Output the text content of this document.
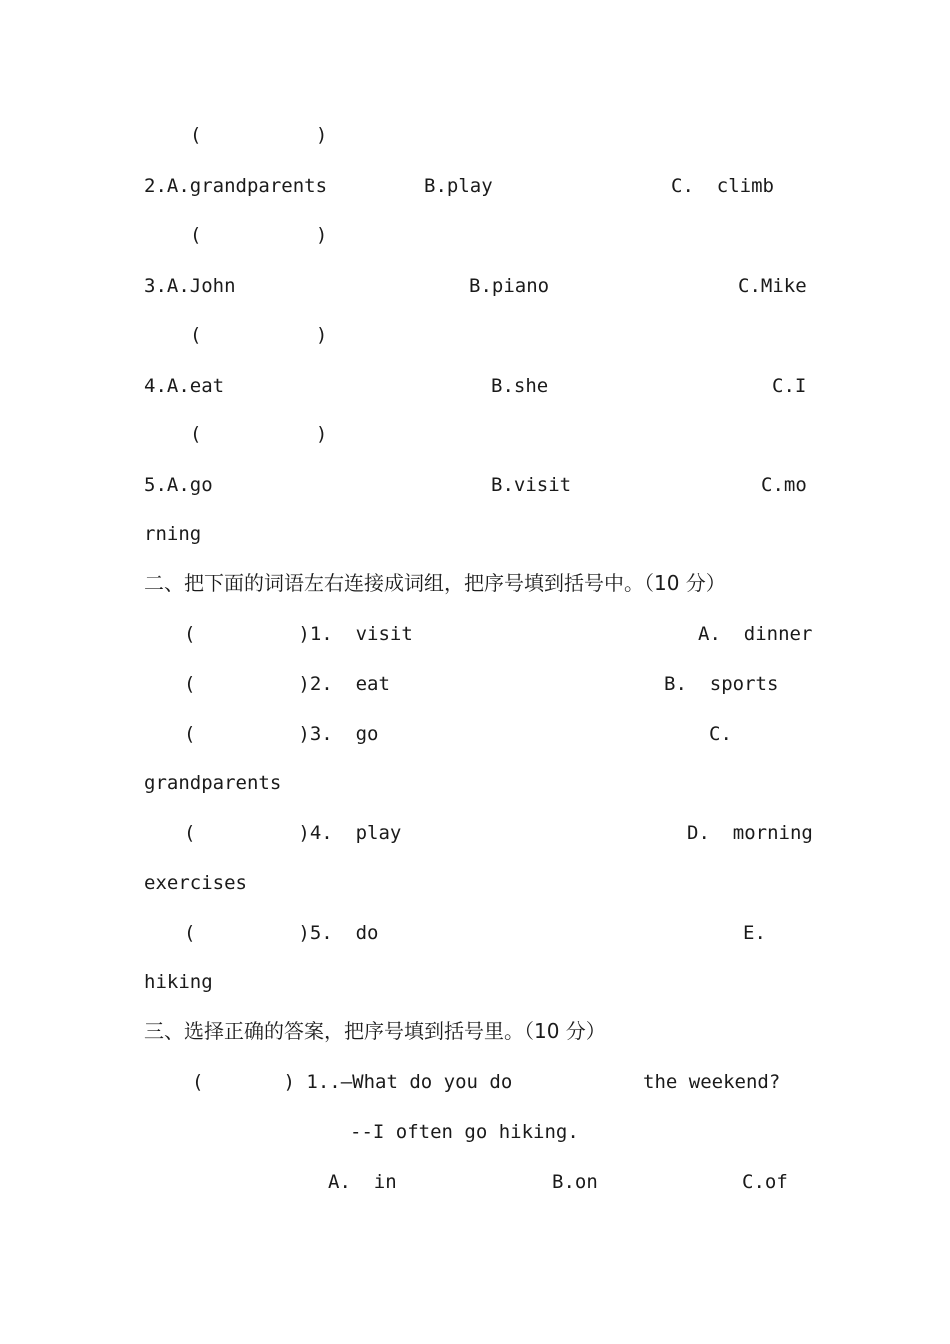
(          )
2.A.grandparents	B.play	C.  climb
(          )
3.A.John	B.piano	C.Mike
(          )
4.A.eat	B.she	C.I
(          )
5.A.go	B.visit	C.mo
rning
二、把下面的词语左右连接成词组，把序号填到括号中。（10 分）
(         )1.  visit	A.  dinner
(         )2.  eat	B.  sports
(         )3.  go	C.
grandparents
(         )4.  play	D.  morning
exercises
(         )5.  do	E.
hiking
三、选择正确的答案，把序号填到括号里。（10 分）
(       ) 1..—What do you do	the weekend?
--I often go hiking.
A.  in	B.on	C.of
